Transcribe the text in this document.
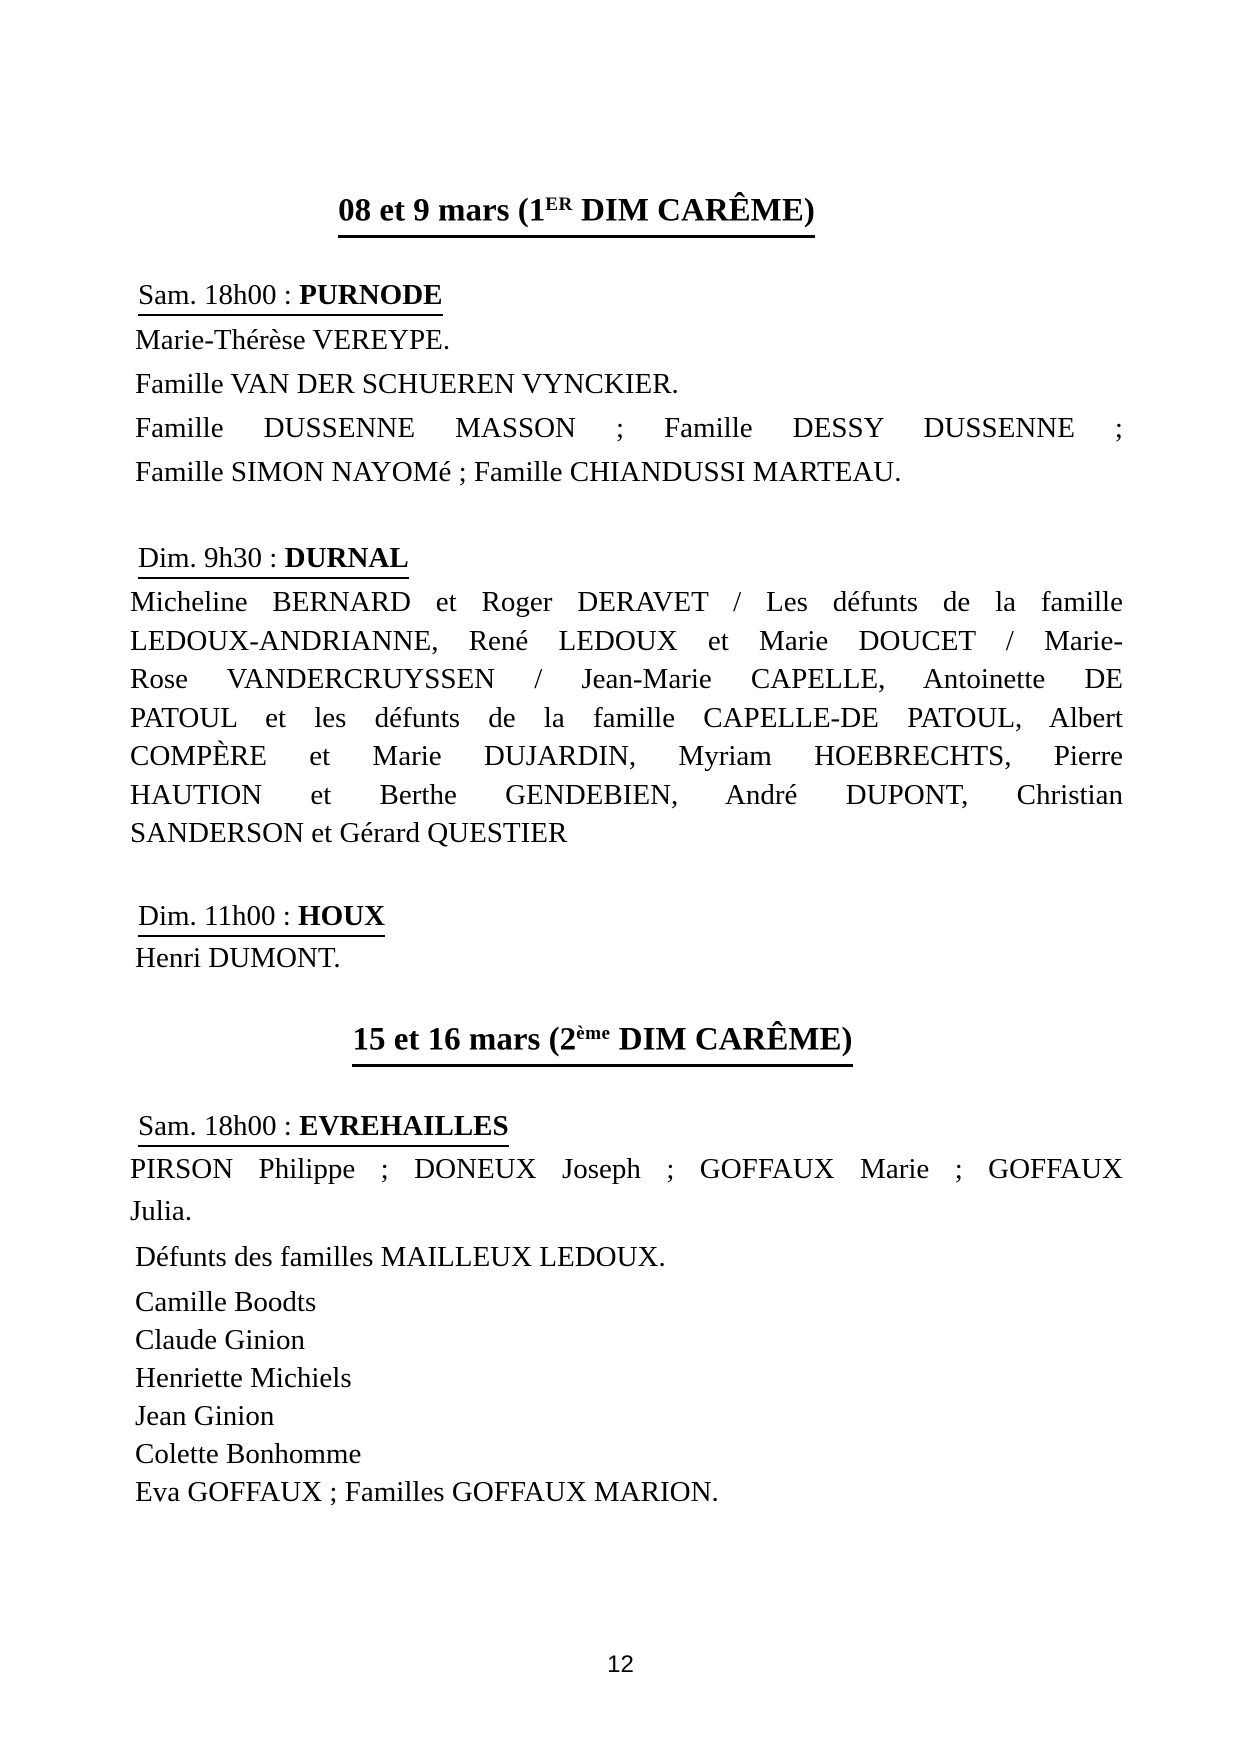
08 et 9 mars (1ER DIM CARÊME)
Sam. 18h00 : PURNODE
Marie-Thérèse VEREYPE.
Famille VAN DER SCHUEREN VYNCKIER.
Famille DUSSENNE MASSON ; Famille DESSY DUSSENNE ;
Famille SIMON NAYOMé ; Famille CHIANDUSSI MARTEAU.
Dim. 9h30 : DURNAL
Micheline BERNARD et Roger DERAVET / Les défunts de la famille
LEDOUX-ANDRIANNE, René LEDOUX et Marie DOUCET / Marie-
Rose VANDERCRUYSSEN / Jean-Marie CAPELLE, Antoinette DE
PATOUL et les défunts de la famille CAPELLE-DE PATOUL, Albert
COMPÈRE et Marie DUJARDIN, Myriam HOEBRECHTS, Pierre
HAUTION et Berthe GENDEBIEN, André DUPONT, Christian
SANDERSON et Gérard QUESTIER
Dim. 11h00 : HOUX
Henri DUMONT.
15 et 16 mars (2ème DIM CARÊME)
Sam. 18h00 : EVREHAILLES
PIRSON Philippe ; DONEUX Joseph ; GOFFAUX Marie ; GOFFAUX
Julia.
Défunts des familles MAILLEUX LEDOUX.
Camille Boodts
Claude Ginion
Henriette Michiels
Jean Ginion
Colette Bonhomme
Eva GOFFAUX ; Familles GOFFAUX MARION.
12
